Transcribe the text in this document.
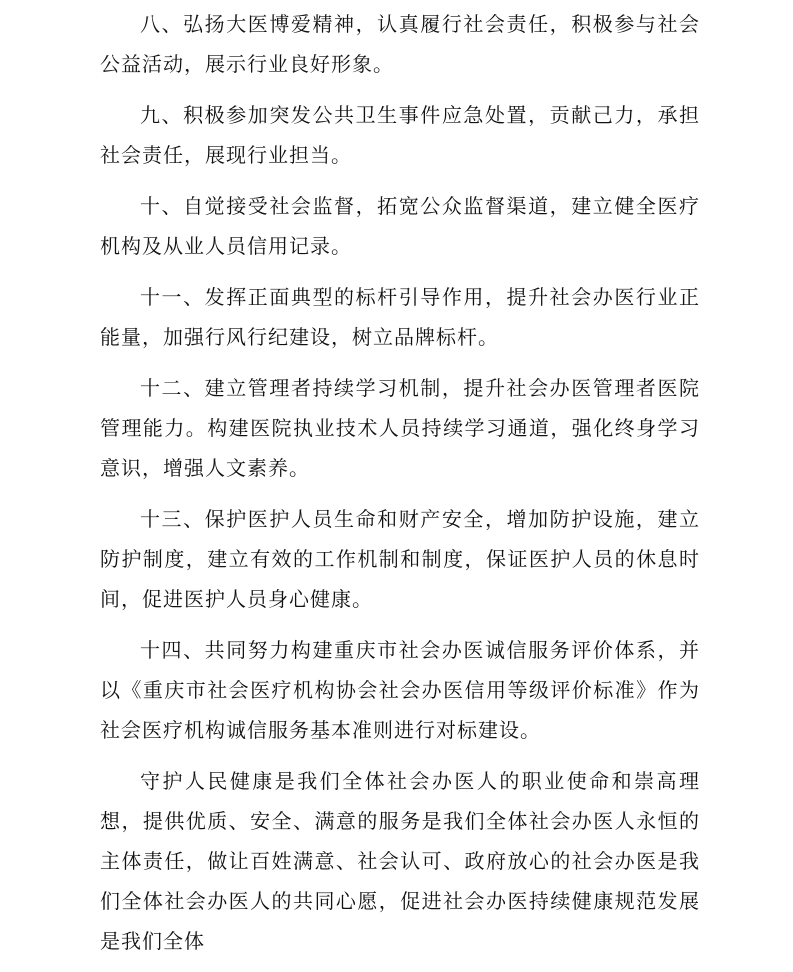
八、弘扬大医博爱精神，认真履行社会责任，积极参与社会公益活动，展示行业良好形象。

九、积极参加突发公共卫生事件应急处置，贡献己力，承担社会责任，展现行业担当。

十、自觉接受社会监督，拓宽公众监督渠道，建立健全医疗机构及从业人员信用记录。

十一、发挥正面典型的标杆引导作用，提升社会办医行业正能量，加强行风行纪建设，树立品牌标杆。

十二、建立管理者持续学习机制，提升社会办医管理者医院管理能力。构建医院执业技术人员持续学习通道，强化终身学习意识，增强人文素养。

十三、保护医护人员生命和财产安全，增加防护设施，建立防护制度，建立有效的工作机制和制度，保证医护人员的休息时间，促进医护人员身心健康。

十四、共同努力构建重庆市社会办医诚信服务评价体系，并以《重庆市社会医疗机构协会社会办医信用等级评价标准》作为社会医疗机构诚信服务基本准则进行对标建设。

守护人民健康是我们全体社会办医人的职业使命和崇高理想，提供优质、安全、满意的服务是我们全体社会办医人永恒的主体责任，做让百姓满意、社会认可、政府放心的社会办医是我们全体社会办医人的共同心愿，促进社会办医持续健康规范发展是我们全体
